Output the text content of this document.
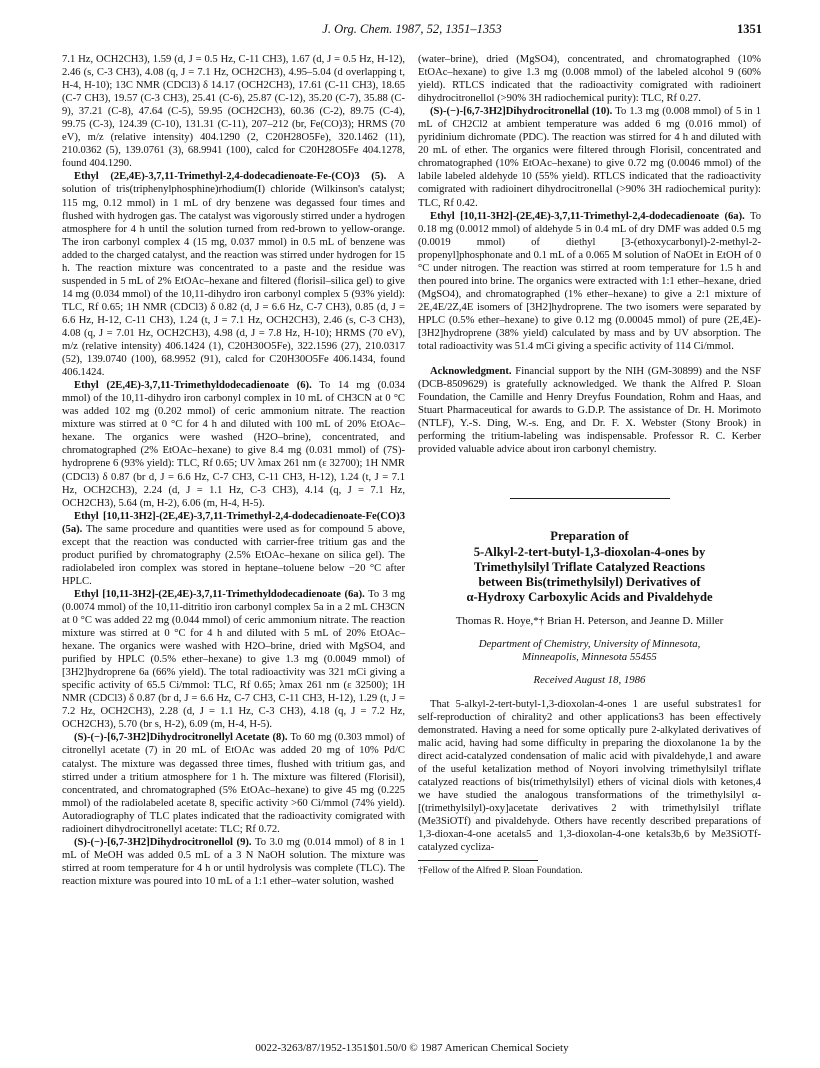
J. Org. Chem. 1987, 52, 1351–1353	1351

7.1 Hz, OCH2CH3), 1.59 (d, J = 0.5 Hz, C-11 CH3), 1.67 (d, J = 0.5 Hz, H-12), 2.46 (s, C-3 CH3), 4.08 (q, J = 7.1 Hz, OCH2CH3), 4.95–5.04 (d overlapping t, H-4, H-10); 13C NMR (CDCl3) δ 14.17 (OCH2CH3), 17.61 (C-11 CH3), 18.65 (C-7 CH3), 19.57 (C-3 CH3), 25.41 (C-6), 25.87 (C-12), 35.20 (C-7), 35.88 (C-9), 37.21 (C-8), 47.64 (C-5), 59.95 (OCH2CH3), 60.36 (C-2), 89.75 (C-4), 99.75 (C-3), 124.39 (C-10), 131.31 (C-11), 207–212 (br, Fe(CO)3); HRMS (70 eV), m/z (relative intensity) 404.1290 (2, C20H28O5Fe), 320.1462 (11), 210.0362 (5), 139.0761 (3), 68.9941 (100), calcd for C20H28O5Fe 404.1278, found 404.1290.

Ethyl (2E,4E)-3,7,11-Trimethyl-2,4-dodecadienoate-Fe-(CO)3 (5). A solution of tris(triphenylphosphine)rhodium(I) chloride (Wilkinson's catalyst; 115 mg, 0.12 mmol) in 1 mL of dry benzene was degassed four times and flushed with hydrogen gas. The catalyst was vigorously stirred under a hydrogen atmosphere for 4 h until the solution turned from red-brown to yellow-orange. The iron carbonyl complex 4 (15 mg, 0.037 mmol) in 0.5 mL of benzene was added to the charged catalyst, and the reaction was stirred under hydrogen for 15 h. The reaction mixture was concentrated to a paste and the residue was suspended in 5 mL of 2% EtOAc–hexane and filtered (florisil–silica gel) to give 14 mg (0.034 mmol) of the 10,11-dihydro iron carbonyl complex 5 (93% yield): TLC, Rf 0.65; 1H NMR (CDCl3) δ 0.82 (d, J = 6.6 Hz, C-7 CH3), 0.85 (d, J = 6.6 Hz, H-12, C-11 CH3), 1.24 (t, J = 7.1 Hz, OCH2CH3), 2.46 (s, C-3 CH3), 4.08 (q, J = 7.01 Hz, OCH2CH3), 4.98 (d, J = 7.8 Hz, H-10); HRMS (70 eV), m/z (relative intensity) 406.1424 (1), C20H30O5Fe), 322.1596 (27), 210.0317 (52), 139.0740 (100), 68.9952 (91), calcd for C20H30O5Fe 406.1434, found 406.1424.

Ethyl (2E,4E)-3,7,11-Trimethyldodecadienoate (6). To 14 mg (0.034 mmol) of the 10,11-dihydro iron carbonyl complex in 10 mL of CH3CN at 0 °C was added 102 mg (0.202 mmol) of ceric ammonium nitrate. The reaction mixture was stirred at 0 °C for 4 h and diluted with 100 mL of 20% EtOAc–hexane. The organics were washed (H2O–brine), concentrated, and chromatographed (2% EtOAc–hexane) to give 8.4 mg (0.031 mmol) of (7S)-hydroprene 6 (93% yield): TLC, Rf 0.65; UV λmax 261 nm (ε 32700); 1H NMR (CDCl3) δ 0.87 (br d, J = 6.6 Hz, C-7 CH3, C-11 CH3, H-12), 1.24 (t, J = 7.1 Hz, OCH2CH3), 2.24 (d, J = 1.1 Hz, C-3 CH3), 4.14 (q, J = 7.1 Hz, OCH2CH3), 5.64 (m, H-2), 6.06 (m, H-4, H-5).

Ethyl [10,11-3H2]-(2E,4E)-3,7,11-Trimethyl-2,4-dodecadienoate-Fe(CO)3 (5a). The same procedure and quantities were used as for compound 5 above, except that the reaction was conducted with carrier-free tritium gas and the product purified by chromatography (2.5% EtOAc–hexane on silica gel). The radiolabeled iron complex was stored in heptane–toluene below −20 °C after HPLC.

Ethyl [10,11-3H2]-(2E,4E)-3,7,11-Trimethyldodecadienoate (6a). To 3 mg (0.0074 mmol) of the 10,11-ditritio iron carbonyl complex 5a in a 2 mL CH3CN at 0 °C was added 22 mg (0.044 mmol) of ceric ammonium nitrate. The reaction mixture was stirred at 0 °C for 4 h and diluted with 5 mL of 20% EtOAc–hexane. The organics were washed with H2O–brine, dried with MgSO4, and purified by HPLC (0.5% ether–hexane) to give 1.3 mg (0.0049 mmol) of [3H2]hydroprene 6a (66% yield). The total radioactivity was 321 mCi giving a specific activity of 65.5 Ci/mmol: TLC, Rf 0.65; λmax 261 nm (ε 32500); 1H NMR (CDCl3) δ 0.87 (br d, J = 6.6 Hz, C-7 CH3, C-11 CH3, H-12), 1.29 (t, J = 7.2 Hz, OCH2CH3), 2.28 (d, J = 1.1 Hz, C-3 CH3), 4.18 (q, J = 7.2 Hz, OCH2CH3), 5.70 (br s, H-2), 6.09 (m, H-4, H-5).

(S)-(−)-[6,7-3H2]Dihydrocitronellyl Acetate (8). To 60 mg (0.303 mmol) of citronellyl acetate (7) in 20 mL of EtOAc was added 20 mg of 10% Pd/C catalyst. The mixture was degassed three times, flushed with tritium gas, and stirred under a tritium atmosphere for 1 h. The mixture was filtered (Florisil), concentrated, and chromatographed (5% EtOAc–hexane) to give 45 mg (0.225 mmol) of the radiolabeled acetate 8, specific activity >60 Ci/mmol (74% yield). Autoradiography of TLC plates indicated that the radioactivity comigrated with radioinert dihydrocitronellyl acetate: TLC; Rf 0.72.

(S)-(−)-[6,7-3H2]Dihydrocitronellol (9). To 3.0 mg (0.014 mmol) of 8 in 1 mL of MeOH was added 0.5 mL of a 3 N NaOH solution. The mixture was stirred at room temperature for 4 h or until hydrolysis was complete (TLC). The reaction mixture was poured into 10 mL of a 1:1 ether–water solution, washed

(water–brine), dried (MgSO4), concentrated, and chromatographed (10% EtOAc–hexane) to give 1.3 mg (0.008 mmol) of the labeled alcohol 9 (60% yield). RTLCS indicated that the radioactivity comigrated with radioinert dihydrocitronellol (>90% 3H radiochemical purity): TLC, Rf 0.27.

(S)-(−)-[6,7-3H2]Dihydrocitronellal (10). To 1.3 mg (0.008 mmol) of 5 in 1 mL of CH2Cl2 at ambient temperature was added 6 mg (0.016 mmol) of pyridinium dichromate (PDC). The reaction was stirred for 4 h and diluted with 20 mL of ether. The organics were filtered through Florisil, concentrated and chromatographed (10% EtOAc–hexane) to give 0.72 mg (0.0046 mmol) of the labile labeled aldehyde 10 (55% yield). RTLCS indicated that the radioactivity comigrated with radioinert dihydrocitronellal (>90% 3H radiochemical purity): TLC, Rf 0.42.

Ethyl [10,11-3H2]-(2E,4E)-3,7,11-Trimethyl-2,4-dodecadienoate (6a). To 0.18 mg (0.0012 mmol) of aldehyde 5 in 0.4 mL of dry DMF was added 0.5 mg (0.0019 mmol) of diethyl [3-(ethoxycarbonyl)-2-methyl-2-propenyl]phosphonate and 0.1 mL of a 0.065 M solution of NaOEt in EtOH of 0 °C under nitrogen. The reaction was stirred at room temperature for 1.5 h and then poured into brine. The organics were extracted with 1:1 ether–hexane, dried (MgSO4), and chromatographed (1% ether–hexane) to give a 2:1 mixture of 2E,4E/2Z,4E isomers of [3H2]hydroprene. The two isomers were separated by HPLC (0.5% ether–hexane) to give 0.12 mg (0.00045 mmol) of pure (2E,4E)-[3H2]hydroprene (38% yield) calculated by mass and by UV absorption. The total radioactivity was 51.4 mCi giving a specific activity of 114 Ci/mmol.

Acknowledgment. Financial support by the NIH (GM-30899) and the NSF (DCB-8509629) is gratefully acknowledged. We thank the Alfred P. Sloan Foundation, the Camille and Henry Dreyfus Foundation, Rohm and Haas, and Stuart Pharmaceutical for awards to G.D.P. The assistance of Dr. H. Morimoto (NTLF), Y.-S. Ding, W.-s. Eng, and Dr. F. X. Webster (Stony Brook) in performing the tritium-labeling was indispensable. Professor R. C. Kerber provided valuable advice about iron carbonyl chemistry.

Preparation of
5-Alkyl-2-tert-butyl-1,3-dioxolan-4-ones by
Trimethylsilyl Triflate Catalyzed Reactions
between Bis(trimethylsilyl) Derivatives of
α-Hydroxy Carboxylic Acids and Pivaldehyde
Thomas R. Hoye,*† Brian H. Peterson, and Jeanne D. Miller
Department of Chemistry, University of Minnesota,
Minneapolis, Minnesota 55455
Received August 18, 1986

That 5-alkyl-2-tert-butyl-1,3-dioxolan-4-ones 1 are useful substrates1 for self-reproduction of chirality2 and other applications3 has been effectively demonstrated. Having a need for some optically pure 2-alkylated derivatives of malic acid, having had some difficulty in preparing the dioxolanone 1a by the direct acid-catalyzed condensation of malic acid with pivaldehyde,1 and aware of the useful ketalization method of Noyori involving trimethylsilyl triflate catalyzed reactions of bis(trimethylsilyl) ethers of vicinal diols with ketones,4 we have studied the analogous transformations of the trimethylsilyl α-[(trimethylsilyl)-oxy]acetate derivatives 2 with trimethylsilyl triflate (Me3SiOTf) and pivaldehyde. Others have recently described preparations of 1,3-dioxan-4-one acetals5 and 1,3-dioxolan-4-one ketals3b,6 by Me3SiOTf-catalyzed cycliza-

†Fellow of the Alfred P. Sloan Foundation.
0022-3263/87/1952-1351$01.50/0 © 1987 American Chemical Society
